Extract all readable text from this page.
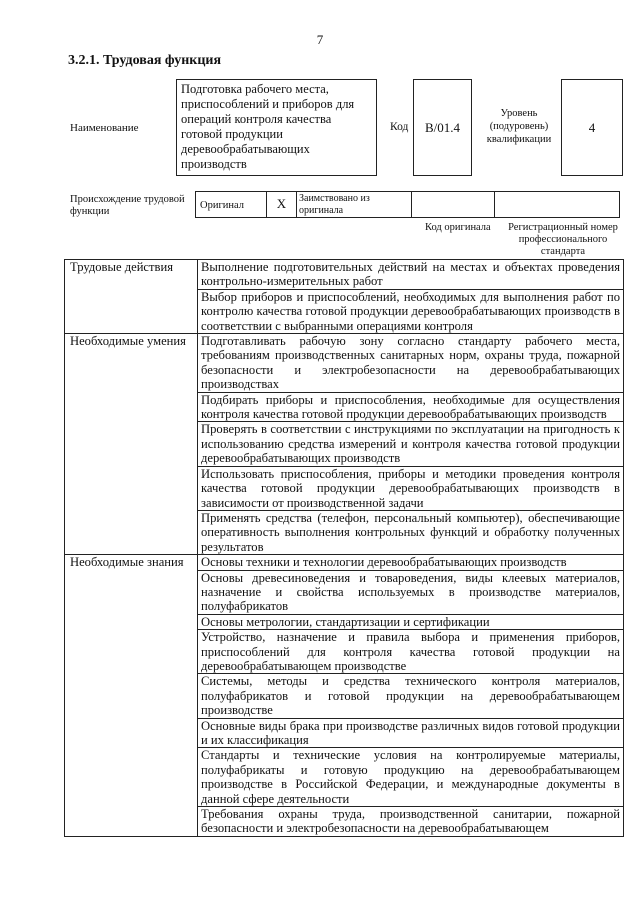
7
3.2.1. Трудовая функция
Наименование
Подготовка рабочего места, приспособлений и приборов для операций контроля качества готовой продукции деревообрабатывающих производств
Код	B/01.4
Уровень (подуровень) квалификации
4
Происхождение трудовой функции
Оригинал	X	Заимствовано из оригинала
Код оригинала	Регистрационный номер профессионального стандарта
Трудовые действия	Выполнение подготовительных действий на местах и объектах проведения контрольно-измерительных работ
	Выбор приборов и приспособлений, необходимых для выполнения работ по контролю качества готовой продукции деревообрабатывающих производств в соответствии с выбранными операциями контроля
Необходимые умения	Подготавливать рабочую зону согласно стандарту рабочего места, требованиям производственных санитарных норм, охраны труда, пожарной безопасности и электробезопасности на деревообрабатывающих производствах
	Подбирать приборы и приспособления, необходимые для осуществления контроля качества готовой продукции деревообрабатывающих производств
	Проверять в соответствии с инструкциями по эксплуатации на пригодность к использованию средства измерений и контроля качества готовой продукции деревообрабатывающих производств
	Использовать приспособления, приборы и методики проведения контроля качества готовой продукции деревообрабатывающих производств в зависимости от производственной задачи
	Применять средства (телефон, персональный компьютер), обеспечивающие оперативность выполнения контрольных функций и обработку полученных результатов
Необходимые знания	Основы техники и технологии деревообрабатывающих производств
	Основы древесиноведения и товароведения, виды клеевых материалов, назначение и свойства используемых в производстве материалов, полуфабрикатов
	Основы метрологии, стандартизации и сертификации
	Устройство, назначение и правила выбора и применения приборов, приспособлений для контроля качества готовой продукции на деревообрабатывающем производстве
	Системы, методы и средства технического контроля материалов, полуфабрикатов и готовой продукции на деревообрабатывающем производстве
	Основные виды брака при производстве различных видов готовой продукции и их классификация
	Стандарты и технические условия на контролируемые материалы, полуфабрикаты и готовую продукцию на деревообрабатывающем производстве в Российской Федерации, и международные документы в данной сфере деятельности
	Требования охраны труда, производственной санитарии, пожарной безопасности и электробезопасности на деревообрабатывающем
